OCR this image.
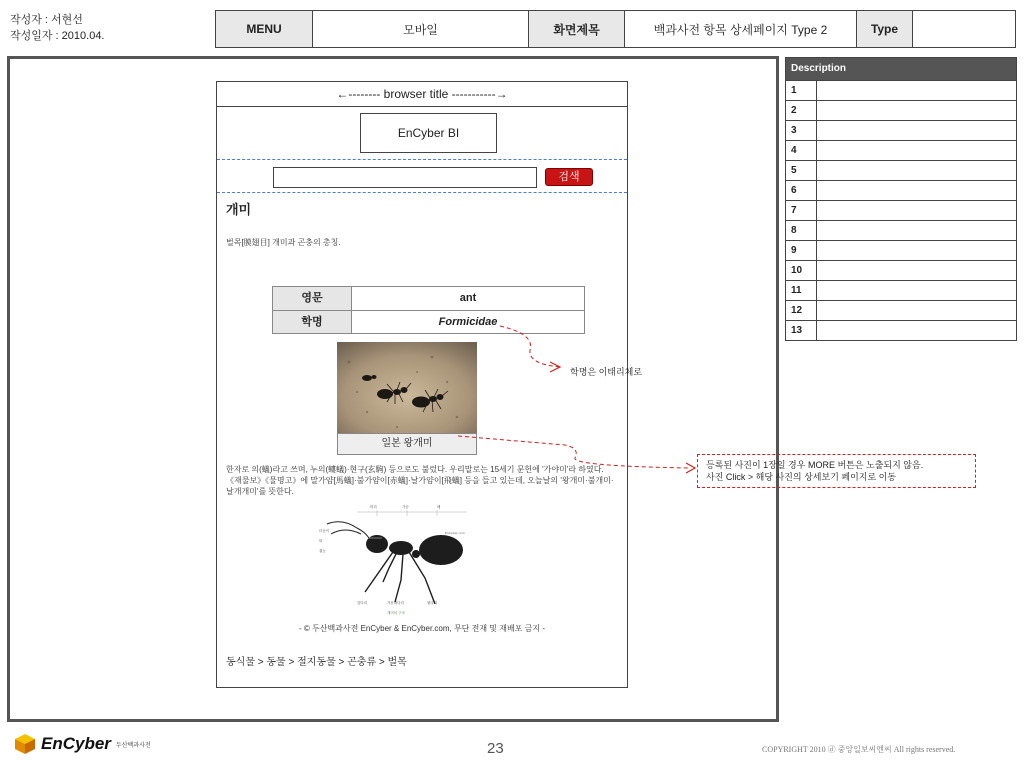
작성자 : 서현선
작성일자 : 2010.04.	MENU	모바일	화면제목	백과사전 항목 상세페이지 Type 2	Type
Description
1
2
3
4
5
6
7
8
9
10
11
12
13
←-------- browser title -----------→
EnCyber BI
검색
개미
벌목[膜翅目] 개미과 곤충의 총칭.
영문	ant
학명	Formicidae
일본 왕개미
한자로 의(蟻)라고 쓰며, 누의(螻蟻)·현구(玄駒) 등으로도 불렀다. 우리말로는 15세기 문헌에 '가야미'라 하였다. 《재물보》《물명고》에 말가얌[馬蟻]·불가얌이[赤蟻]·날가얌이[飛蟻] 등을 들고 있는데, 오늘날의 '왕개미·불개미·날개개미'를 뜻한다.
머리	가슴	배
더듬이
턱
겹눈
EnCyber.com
앞다리	가운데다리	뒷다리
개미의 구조
- © 두산백과사전 EnCyber & EnCyber.com, 무단 전재 및 재배포 금지 -
동식물 > 동물 > 절지동물 > 곤충류 > 벌목
학명은 이태리체로
등록된 사진이 1장일 경우 MORE 버튼은 노출되지 않음.
사진 Click > 해당 사진의 상세보기 페이지로 이동
EnCyber 두산백과사전	23	COPYRIGHT 2010 ⓓ 중앙일보씨엔씨 All rights reserved.
